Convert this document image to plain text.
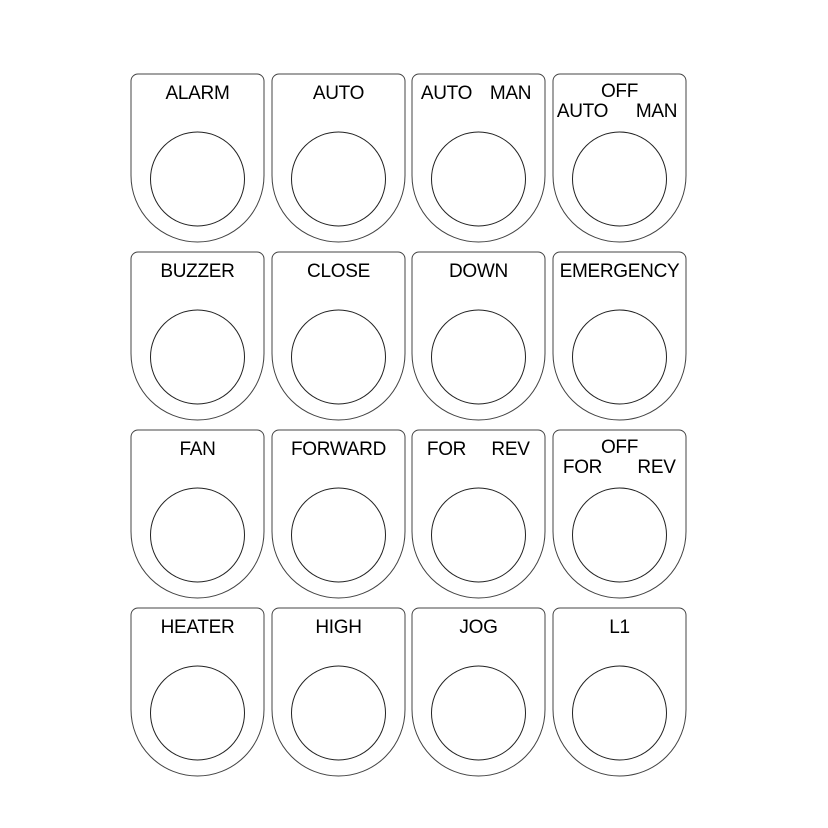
ALARM	AUTO	AUTO MAN	OFF
AUTO MAN
BUZZER	CLOSE	DOWN	EMERGENCY
FAN	FORWARD FOR REV	OFF
FOR REV
HEATER	HIGH	JOG	L1
